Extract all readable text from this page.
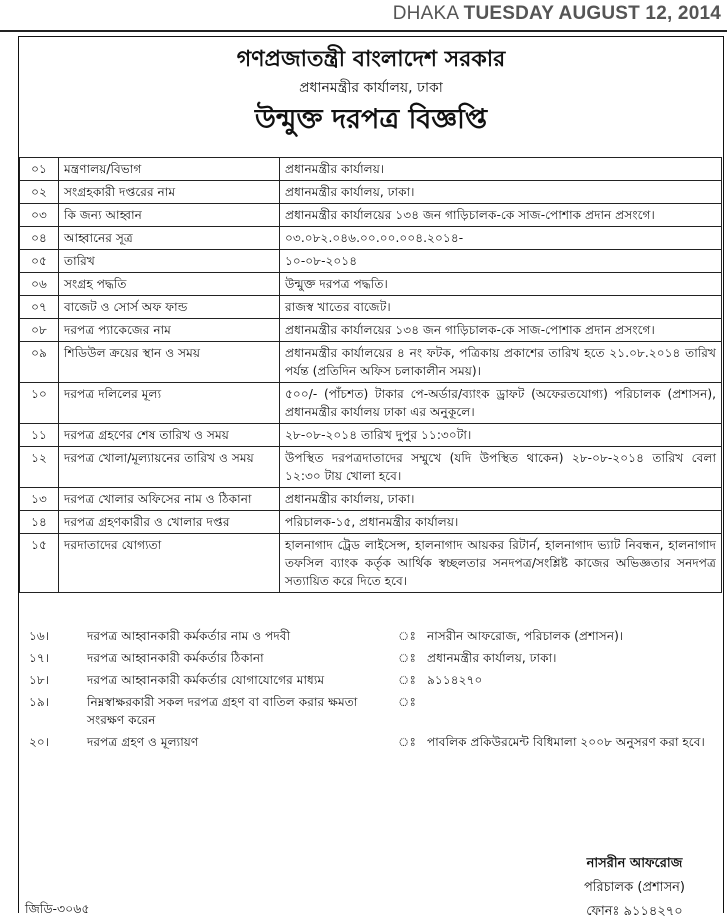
DHAKA TUESDAY AUGUST 12, 2014
গণপ্রজাতন্ত্রী বাংলাদেশ সরকার
প্রধানমন্ত্রীর কার্যালয়, ঢাকা
উন্মুক্ত দরপত্র বিজ্ঞপ্তি
০১	মন্ত্রণালয়/বিভাগ	প্রধানমন্ত্রীর কার্যালয়।
০২	সংগ্রহকারী দপ্তরের নাম	প্রধানমন্ত্রীর কার্যালয়, ঢাকা।
০৩	কি জন্য আহ্বান	প্রধানমন্ত্রীর কার্যালয়ের ১৩৪ জন গাড়িচালক-কে সাজ-পোশাক প্রদান প্রসংগে।
০৪	আহ্বানের সূত্র	০৩.০৮২.০৪৬.০০.০০.০০৪.২০১৪-
০৫	তারিখ	১০-০৮-২০১৪
০৬	সংগ্রহ পদ্ধতি	উন্মুক্ত দরপত্র পদ্ধতি।
০৭	বাজেট ও সোর্স অফ ফান্ড	রাজস্ব খাতের বাজেট।
০৮	দরপত্র প্যাকেজের নাম	প্রধানমন্ত্রীর কার্যালয়ের ১৩৪ জন গাড়িচালক-কে সাজ-পোশাক প্রদান প্রসংগে।
০৯	শিডিউল ক্রয়ের স্থান ও সময়	প্রধানমন্ত্রীর কার্যালয়ের ৪ নং ফটক, পত্রিকায় প্রকাশের তারিখ হতে ২১.০৮.২০১৪ তারিখ পর্যন্ত (প্রতিদিন অফিস চলাকালীন সময়)।
১০	দরপত্র দলিলের মূল্য	৫০০/- (পাঁচশত) টাকার পে-অর্ডার/ব্যাংক ড্রাফট (অফেরতযোগ্য) পরিচালক (প্রশাসন), প্রধানমন্ত্রীর কার্যালয় ঢাকা এর অনুকূলে।
১১	দরপত্র গ্রহণের শেষ তারিখ ও সময়	২৮-০৮-২০১৪ তারিখ দুপুর ১১:৩০টা।
১২	দরপত্র খোলা/মূল্যায়নের তারিখ ও সময়	উপস্থিত দরপত্রদাতাদের সম্মুখে (যদি উপস্থিত থাকেন) ২৮-০৮-২০১৪ তারিখ বেলা ১২:৩০ টায় খোলা হবে।
১৩	দরপত্র খোলার অফিসের নাম ও ঠিকানা	প্রধানমন্ত্রীর কার্যালয়, ঢাকা।
১৪	দরপত্র গ্রহণকারীর ও খোলার দপ্তর	পরিচালক-১৫, প্রধানমন্ত্রীর কার্যালয়।
১৫	দরদাতাদের যোগ্যতা	হালনাগাদ ট্রেড লাইসেন্স, হালনাগাদ আয়কর রিটার্ন, হালনাগাদ ভ্যাট নিবন্ধন, হালনাগাদ তফসিল ব্যাংক কর্তৃক আর্থিক স্বচ্ছলতার সনদপত্র/সংশ্লিষ্ট কাজের অভিজ্ঞতার সনদপত্র সত্যায়িত করে দিতে হবে।
১৬।	দরপত্র আহ্বানকারী কর্মকর্তার নাম ও পদবী	ঃ	নাসরীন আফরোজ, পরিচালক (প্রশাসন)।
১৭।	দরপত্র আহ্বানকারী কর্মকর্তার ঠিকানা	ঃ	প্রধানমন্ত্রীর কার্যালয়, ঢাকা।
১৮।	দরপত্র আহ্বানকারী কর্মকর্তার যোগাযোগের মাধ্যম	ঃ	৯১১৪২৭০
১৯।	নিম্নস্বাক্ষরকারী সকল দরপত্র গ্রহণ বা বাতিল করার ক্ষমতা সংরক্ষণ করেন	ঃ	
২০।	দরপত্র গ্রহণ ও মূল্যায়ণ	ঃ	পাবলিক প্রকিউরমেন্ট বিধিমালা ২০০৮ অনুসরণ করা হবে।
নাসরীন আফরোজ
পরিচালক (প্রশাসন)
ফোনঃ ৯১১৪২৭০
জিডি-৩০৬৫
